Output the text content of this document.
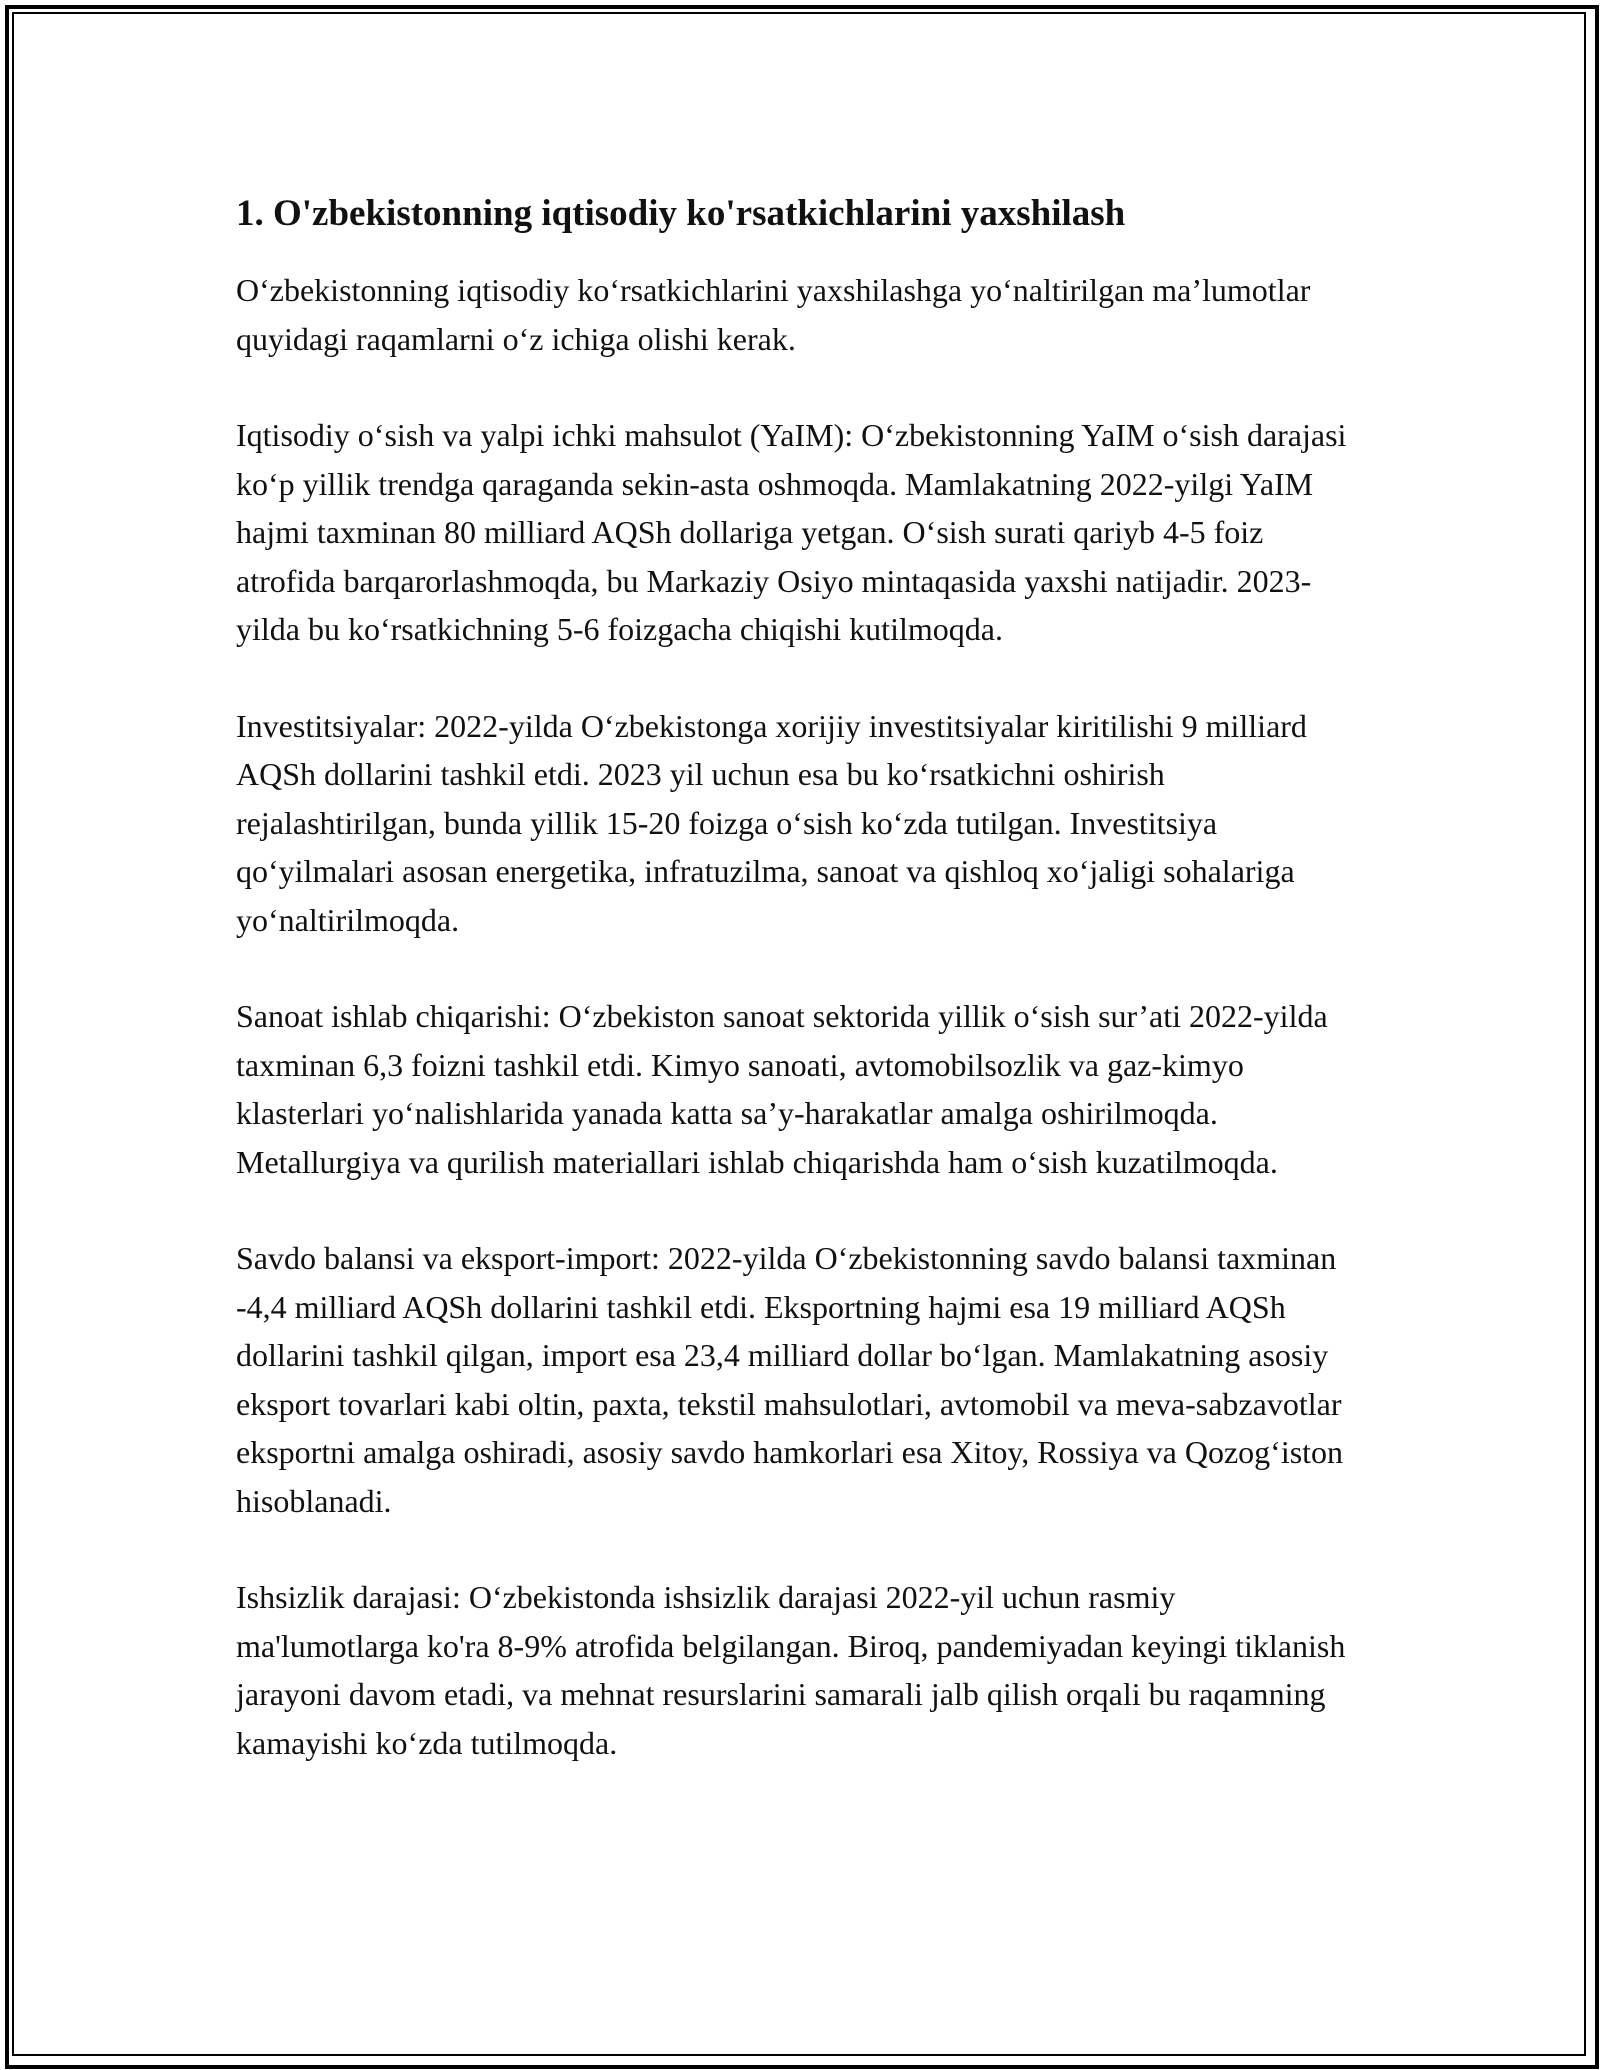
1. O'zbekistonning iqtisodiy ko'rsatkichlarini yaxshilash

O‘zbekistonning iqtisodiy ko‘rsatkichlarini yaxshilashga yo‘naltirilgan ma’lumotlar quyidagi raqamlarni o‘z ichiga olishi kerak.

Iqtisodiy o‘sish va yalpi ichki mahsulot (YaIM): O‘zbekistonning YaIM o‘sish darajasi ko‘p yillik trendga qaraganda sekin-asta oshmoqda. Mamlakatning 2022-yilgi YaIM hajmi taxminan 80 milliard AQSh dollariga yetgan. O‘sish surati qariyb 4-5 foiz atrofida barqarorlashmoqda, bu Markaziy Osiyo mintaqasida yaxshi natijadir. 2023-yilda bu ko‘rsatkichning 5-6 foizgacha chiqishi kutilmoqda.

Investitsiyalar: 2022-yilda O‘zbekistonga xorijiy investitsiyalar kiritilishi 9 milliard AQSh dollarini tashkil etdi. 2023 yil uchun esa bu ko‘rsatkichni oshirish rejalashtirilgan, bunda yillik 15-20 foizga o‘sish ko‘zda tutilgan. Investitsiya qo‘yilmalari asosan energetika, infratuzilma, sanoat va qishloq xo‘jaligi sohalariga yo‘naltirilmoqda.

Sanoat ishlab chiqarishi: O‘zbekiston sanoat sektorida yillik o‘sish sur’ati 2022-yilda taxminan 6,3 foizni tashkil etdi. Kimyo sanoati, avtomobilsozlik va gaz-kimyo klasterlari yo‘nalishlarida yanada katta sa’y-harakatlar amalga oshirilmoqda. Metallurgiya va qurilish materiallari ishlab chiqarishda ham o‘sish kuzatilmoqda.

Savdo balansi va eksport-import: 2022-yilda O‘zbekistonning savdo balansi taxminan -4,4 milliard AQSh dollarini tashkil etdi. Eksportning hajmi esa 19 milliard AQSh dollarini tashkil qilgan, import esa 23,4 milliard dollar bo‘lgan. Mamlakatning asosiy eksport tovarlari kabi oltin, paxta, tekstil mahsulotlari, avtomobil va meva-sabzavotlar eksportni amalga oshiradi, asosiy savdo hamkorlari esa Xitoy, Rossiya va Qozog‘iston hisoblanadi.

Ishsizlik darajasi: O‘zbekistonda ishsizlik darajasi 2022-yil uchun rasmiy ma'lumotlarga ko'ra 8-9% atrofida belgilangan. Biroq, pandemiyadan keyingi tiklanish jarayoni davom etadi, va mehnat resurslarini samarali jalb qilish orqali bu raqamning kamayishi ko‘zda tutilmoqda.
